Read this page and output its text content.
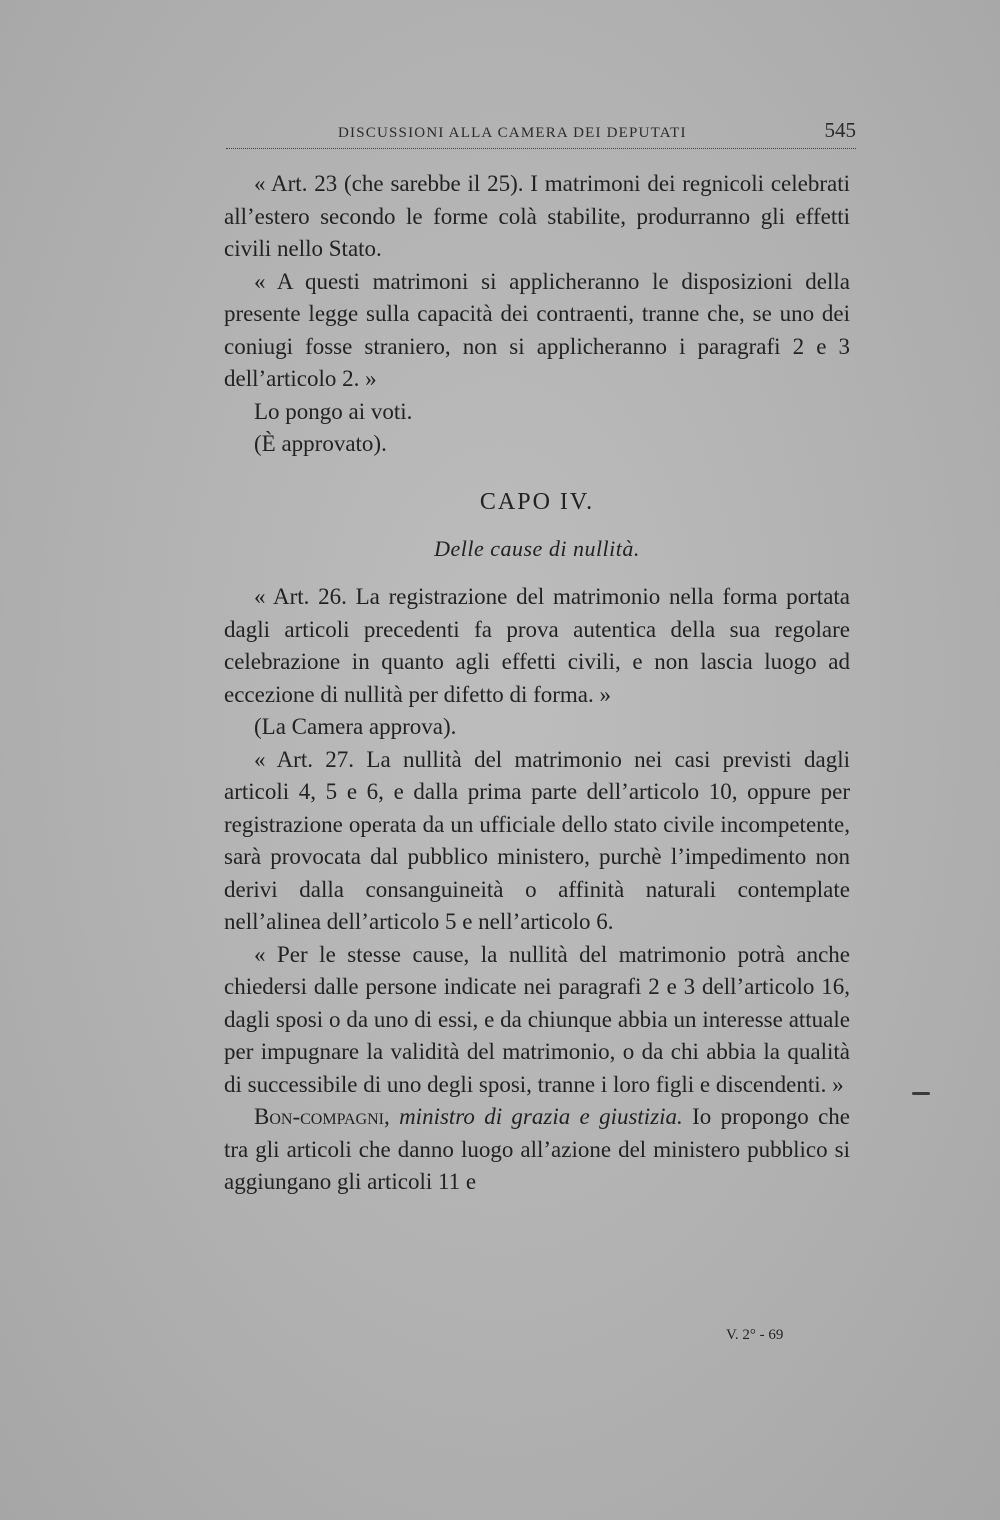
DISCUSSIONI ALLA CAMERA DEI DEPUTATI	545

« Art. 23 (che sarebbe il 25). I matrimoni dei regnicoli celebrati all’estero secondo le forme colà stabilite, produrranno gli effetti civili nello Stato.

« A questi matrimoni si applicheranno le disposizioni della presente legge sulla capacità dei contraenti, tranne che, se uno dei coniugi fosse straniero, non si applicheranno i paragrafi 2 e 3 dell’articolo 2. »

Lo pongo ai voti.

(È approvato).

CAPO IV.

Delle cause di nullità.

« Art. 26. La registrazione del matrimonio nella forma portata dagli articoli precedenti fa prova autentica della sua regolare celebrazione in quanto agli effetti civili, e non lascia luogo ad eccezione di nullità per difetto di forma. »

(La Camera approva).

« Art. 27. La nullità del matrimonio nei casi previsti dagli articoli 4, 5 e 6, e dalla prima parte dell’articolo 10, oppure per registrazione operata da un ufficiale dello stato civile incompetente, sarà provocata dal pubblico ministero, purchè l’impedimento non derivi dalla consanguineità o affinità naturali contemplate nell’alinea dell’articolo 5 e nell’articolo 6.

« Per le stesse cause, la nullità del matrimonio potrà anche chiedersi dalle persone indicate nei paragrafi 2 e 3 dell’articolo 16, dagli sposi o da uno di essi, e da chiunque abbia un interesse attuale per impugnare la validità del matrimonio, o da chi abbia la qualità di successibile di uno degli sposi, tranne i loro figli e discendenti. »

Bon-compagni, ministro di grazia e giustizia. Io propongo che tra gli articoli che danno luogo all’azione del ministero pubblico si aggiungano gli articoli 11 e

V. 2° - 69
